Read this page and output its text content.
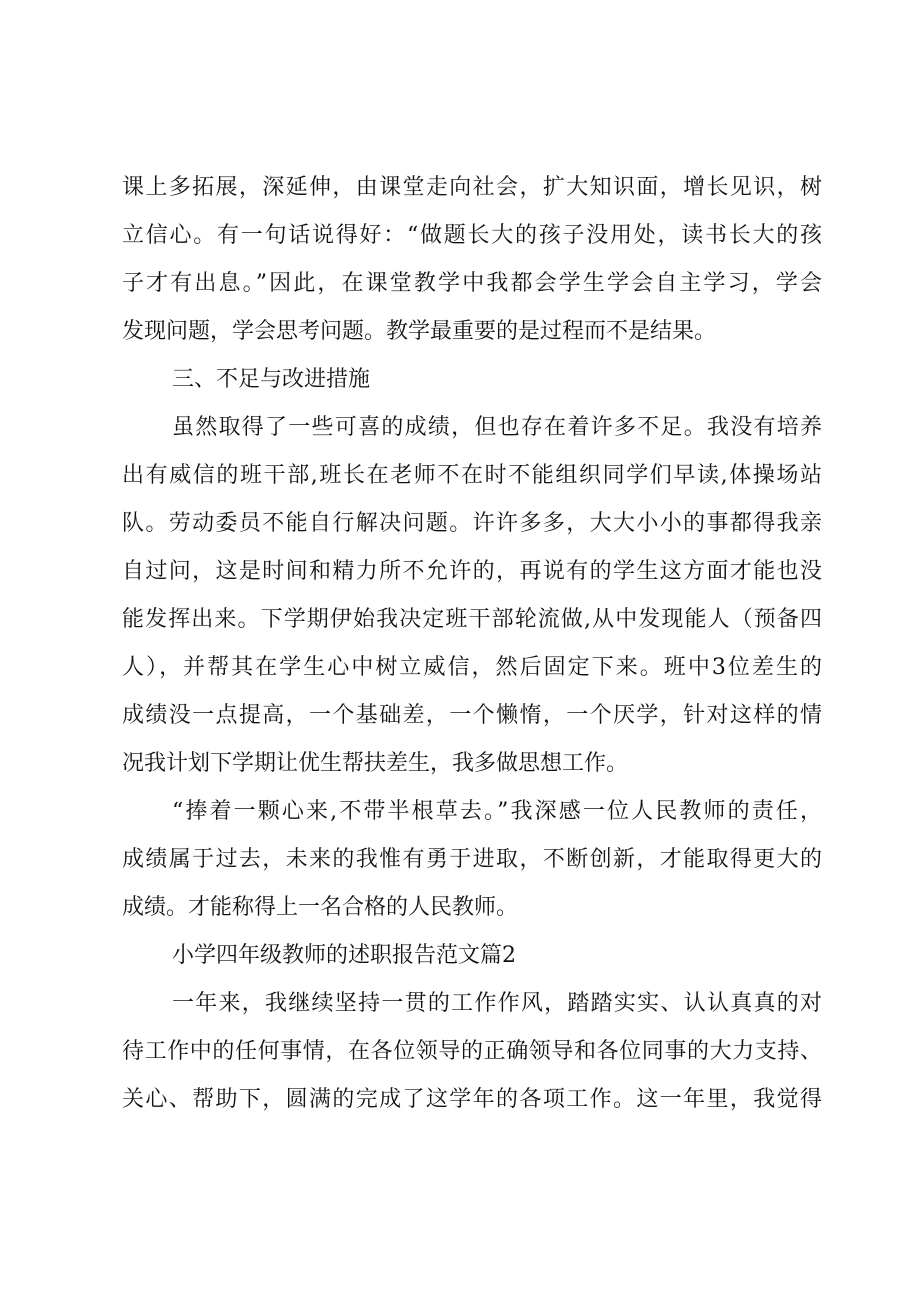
课上多拓展，深延伸，由课堂走向社会，扩大知识面，增长见识，树
立信心。有一句话说得好：“做题长大的孩子没用处，读书长大的孩
子才有出息。”因此，在课堂教学中我都会学生学会自主学习，学会
发现问题，学会思考问题。教学最重要的是过程而不是结果。
三、不足与改进措施
虽然取得了一些可喜的成绩，但也存在着许多不足。我没有培养
出有威信的班干部,班长在老师不在时不能组织同学们早读,体操场站
队。劳动委员不能自行解决问题。许许多多，大大小小的事都得我亲
自过问，这是时间和精力所不允许的，再说有的学生这方面才能也没
能发挥出来。下学期伊始我决定班干部轮流做,从中发现能人（预备四
人），并帮其在学生心中树立威信，然后固定下来。班中3位差生的
成绩没一点提高，一个基础差，一个懒惰，一个厌学，针对这样的情
况我计划下学期让优生帮扶差生，我多做思想工作。
“捧着一颗心来,不带半根草去。”我深感一位人民教师的责任，
成绩属于过去，未来的我惟有勇于进取，不断创新，才能取得更大的
成绩。才能称得上一名合格的人民教师。
小学四年级教师的述职报告范文篇2
一年来，我继续坚持一贯的工作作风，踏踏实实、认认真真的对
待工作中的任何事情，在各位领导的正确领导和各位同事的大力支持、
关心、帮助下，圆满的完成了这学年的各项工作。这一年里，我觉得
